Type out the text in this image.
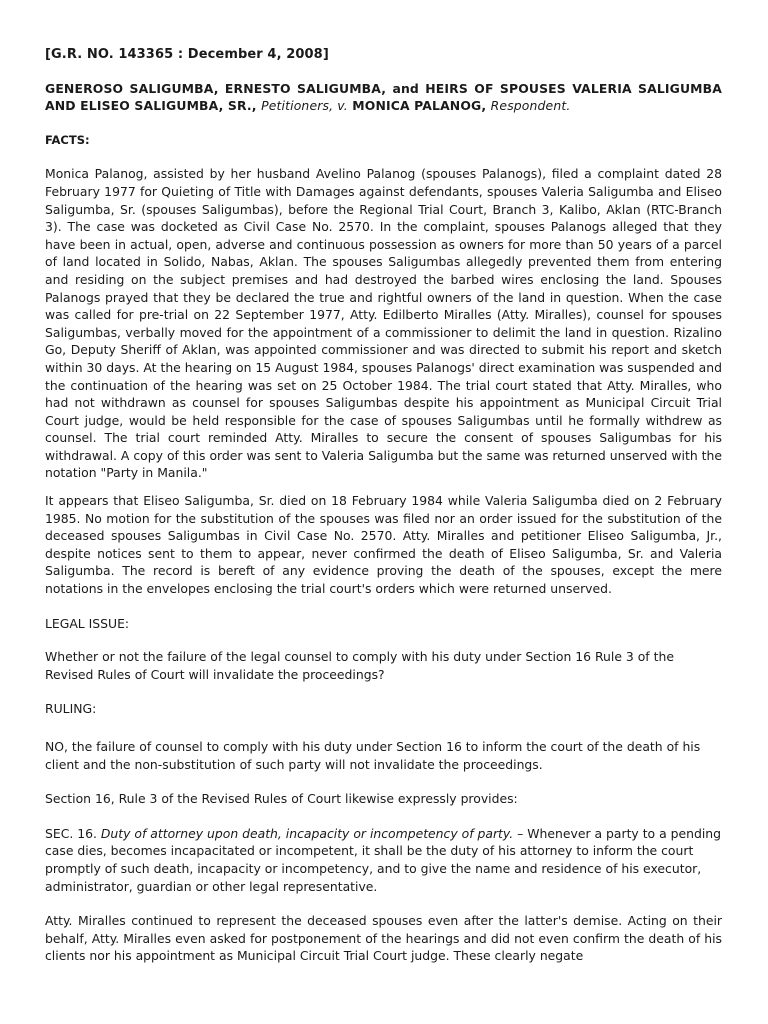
[G.R. NO. 143365 : December 4, 2008]
GENEROSO SALIGUMBA, ERNESTO SALIGUMBA, and HEIRS OF SPOUSES VALERIA SALIGUMBA AND ELISEO SALIGUMBA, SR., Petitioners, v. MONICA PALANOG, Respondent.
FACTS:

Monica Palanog, assisted by her husband Avelino Palanog (spouses Palanogs), filed a complaint dated 28 February 1977 for Quieting of Title with Damages against defendants, spouses Valeria Saligumba and Eliseo Saligumba, Sr. (spouses Saligumbas), before the Regional Trial Court, Branch 3, Kalibo, Aklan (RTC-Branch 3). The case was docketed as Civil Case No. 2570. In the complaint, spouses Palanogs alleged that they have been in actual, open, adverse and continuous possession as owners for more than 50 years of a parcel of land located in Solido, Nabas, Aklan. The spouses Saligumbas allegedly prevented them from entering and residing on the subject premises and had destroyed the barbed wires enclosing the land. Spouses Palanogs prayed that they be declared the true and rightful owners of the land in question. When the case was called for pre-trial on 22 September 1977, Atty. Edilberto Miralles (Atty. Miralles), counsel for spouses Saligumbas, verbally moved for the appointment of a commissioner to delimit the land in question. Rizalino Go, Deputy Sheriff of Aklan, was appointed commissioner and was directed to submit his report and sketch within 30 days. At the hearing on 15 August 1984, spouses Palanogs' direct examination was suspended and the continuation of the hearing was set on 25 October 1984. The trial court stated that Atty. Miralles, who had not withdrawn as counsel for spouses Saligumbas despite his appointment as Municipal Circuit Trial Court judge, would be held responsible for the case of spouses Saligumbas until he formally withdrew as counsel. The trial court reminded Atty. Miralles to secure the consent of spouses Saligumbas for his withdrawal. A copy of this order was sent to Valeria Saligumba but the same was returned unserved with the notation "Party in Manila."

It appears that Eliseo Saligumba, Sr. died on 18 February 1984 while Valeria Saligumba died on 2 February 1985. No motion for the substitution of the spouses was filed nor an order issued for the substitution of the deceased spouses Saligumbas in Civil Case No. 2570. Atty. Miralles and petitioner Eliseo Saligumba, Jr., despite notices sent to them to appear, never confirmed the death of Eliseo Saligumba, Sr. and Valeria Saligumba. The record is bereft of any evidence proving the death of the spouses, except the mere notations in the envelopes enclosing the trial court's orders which were returned unserved.

LEGAL ISSUE:

Whether or not the failure of the legal counsel to comply with his duty under Section 16 Rule 3 of the Revised Rules of Court will invalidate the proceedings?

RULING:

NO, the failure of counsel to comply with his duty under Section 16 to inform the court of the death of his client and the non-substitution of such party will not invalidate the proceedings.

Section 16, Rule 3 of the Revised Rules of Court likewise expressly provides:

SEC. 16. Duty of attorney upon death, incapacity or incompetency of party. – Whenever a party to a pending case dies, becomes incapacitated or incompetent, it shall be the duty of his attorney to inform the court promptly of such death, incapacity or incompetency, and to give the name and residence of his executor, administrator, guardian or other legal representative.

Atty. Miralles continued to represent the deceased spouses even after the latter's demise. Acting on their behalf, Atty. Miralles even asked for postponement of the hearings and did not even confirm the death of his clients nor his appointment as Municipal Circuit Trial Court judge. These clearly negate
